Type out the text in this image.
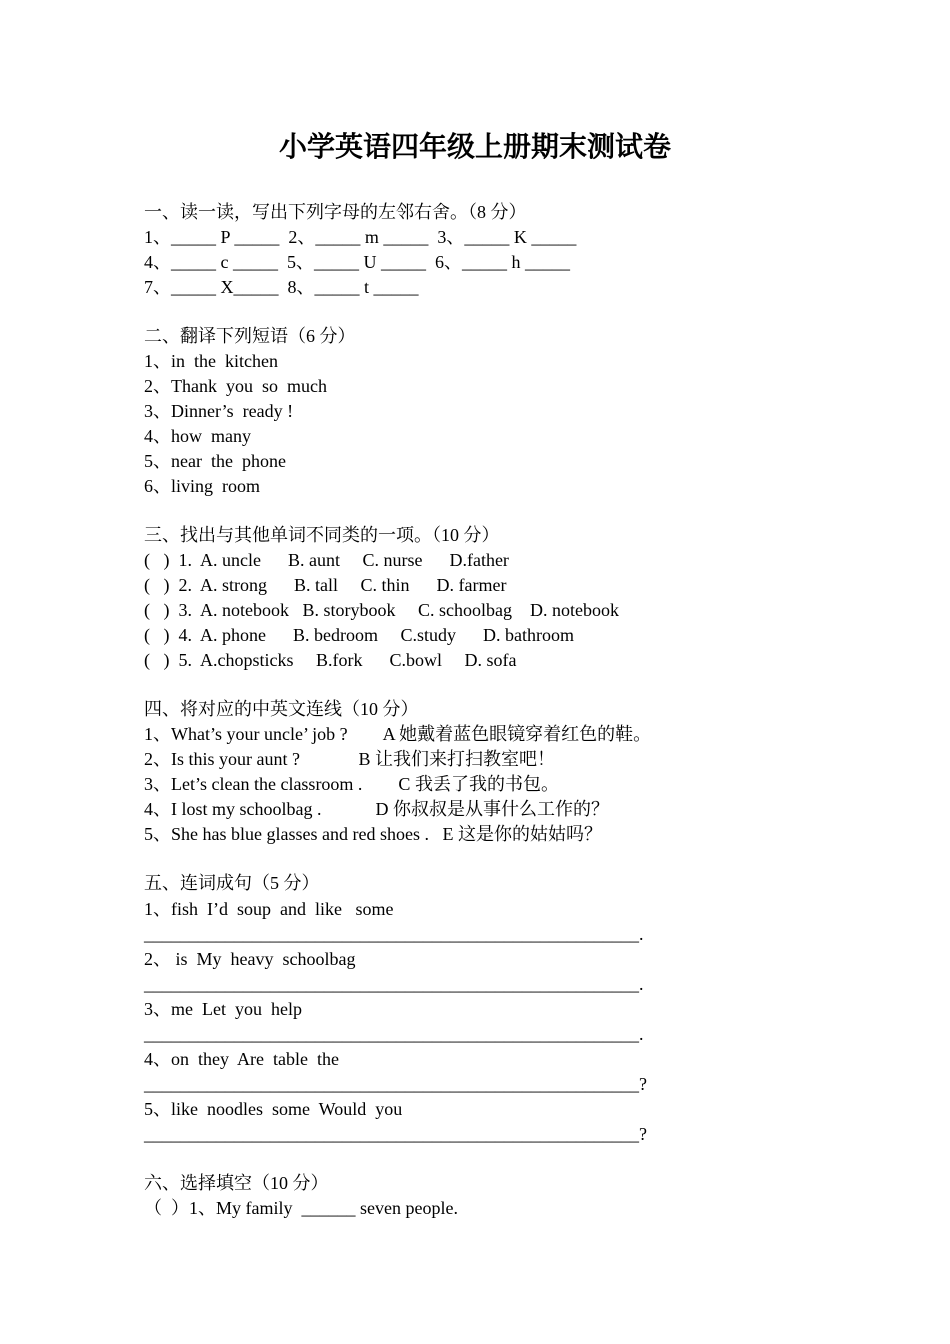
小学英语四年级上册期末测试卷
一、读一读，写出下列字母的左邻右舍。（8 分）
1、_____ P _____  2、_____ m _____  3、_____ K _____
4、_____ c _____  5、_____ U _____  6、_____ h _____
7、_____ X_____  8、_____ t _____
二、翻译下列短语（6 分）
1、in  the  kitchen
2、Thank  you  so  much
3、Dinner’s  ready !
4、how  many
5、near  the  phone
6、living  room
三、找出与其他单词不同类的一项。（10 分）
(   )  1.  A. uncle      B. aunt     C. nurse      D.father
(   )  2.  A. strong      B. tall     C. thin      D. farmer
(   )  3.  A. notebook   B. storybook     C. schoolbag    D. notebook
(   )  4.  A. phone      B. bedroom     C.study      D. bathroom
(   )  5.  A.chopsticks     B.fork      C.bowl     D. sofa
四、将对应的中英文连线（10 分）
1、What’s your uncle’ job ?        A 她戴着蓝色眼镜穿着红色的鞋。
2、Is this your aunt ?             B 让我们来打扫教室吧！
3、Let’s clean the classroom .        C 我丢了我的书包。
4、I lost my schoolbag .            D 你叔叔是从事什么工作的？
5、She has blue glasses and red shoes .   E 这是你的姑姑吗？
五、连词成句（5 分）
1、fish  I’d  soup  and  like   some
_______________________________________________________.
2、 is  My  heavy  schoolbag
_______________________________________________________.
3、me  Let  you  help
_______________________________________________________.
4、on  they  Are  table  the
_______________________________________________________?
5、like  noodles  some  Would  you
_______________________________________________________?
六、选择填空（10 分）
（  ）1、My family  ______ seven people.
